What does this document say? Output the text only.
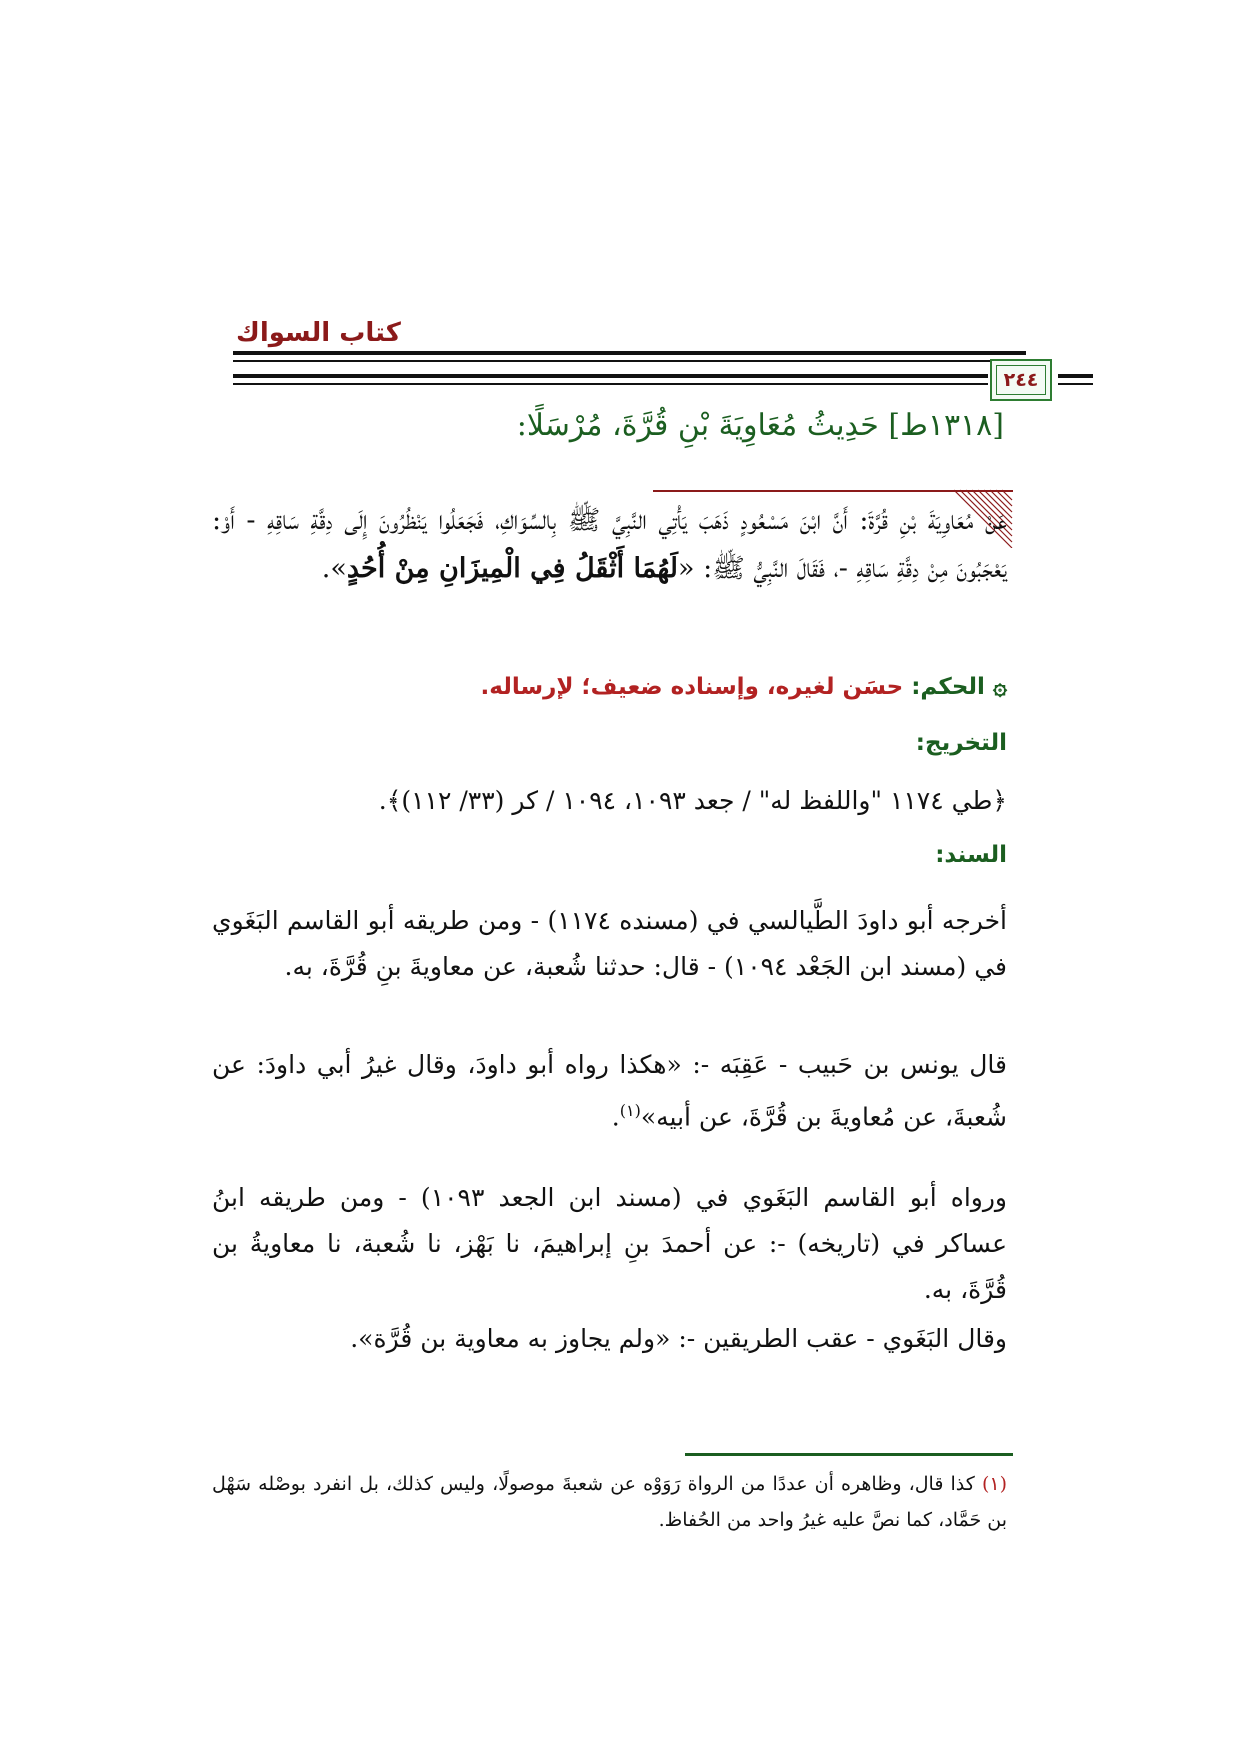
كتاب السواك
٢٤٤
[١٣١٨ط] حَدِيثُ مُعَاوِيَةَ بْنِ قُرَّةَ، مُرْسَلًا:
عَنْ مُعَاوِيَةَ بْنِ قُرَّةَ: أَنَّ ابْنَ مَسْعُودٍ ذَهَبَ يَأْتِي النَّبِيَّ ﷺ بِالسِّوَاكِ، فَجَعَلُوا يَنْظُرُونَ إِلَى دِقَّةِ سَاقِهِ - أَوْ: يَعْجَبُونَ مِنْ دِقَّةِ سَاقِهِ -، فَقَالَ النَّبِيُّ ﷺ: «لَهُمَا أَثْقَلُ فِي الْمِيزَانِ مِنْ أُحُدٍ».
۞ الحكم: حسَن لغيره، وإسناده ضعيف؛ لإرساله.
التخريج:
﴿طي ١١٧٤ "واللفظ له" / جعد ١٠٩٣، ١٠٩٤ / كر (٣٣/ ١١٢)﴾.
السند:
أخرجه أبو داودَ الطَّيالسي في (مسنده ١١٧٤) - ومن طريقه أبو القاسم البَغَوي في (مسند ابن الجَعْد ١٠٩٤) - قال: حدثنا شُعبة، عن معاويةَ بنِ قُرَّةَ، به.
قال يونس بن حَبيب - عَقِبَه -: «هكذا رواه أبو داودَ، وقال غيرُ أبي داودَ: عن شُعبةَ، عن مُعاويةَ بن قُرَّةَ، عن أبيه»$^{(١)}$.
ورواه أبو القاسم البَغَوي في (مسند ابن الجعد ١٠٩٣) - ومن طريقه ابنُ عساكر في (تاريخه) -: عن أحمدَ بنِ إبراهيمَ، نا بَهْز، نا شُعبة، نا معاويةُ بن قُرَّةَ، به.
وقال البَغَوي - عقب الطريقين -: «ولم يجاوز به معاوية بن قُرَّة».
(١) كذا قال، وظاهره أن عددًا من الرواة رَوَوْه عن شعبةَ موصولًا، وليس كذلك، بل انفرد بوصْله سَهْل بن حَمَّاد، كما نصَّ عليه غيرُ واحد من الحُفاظ.
